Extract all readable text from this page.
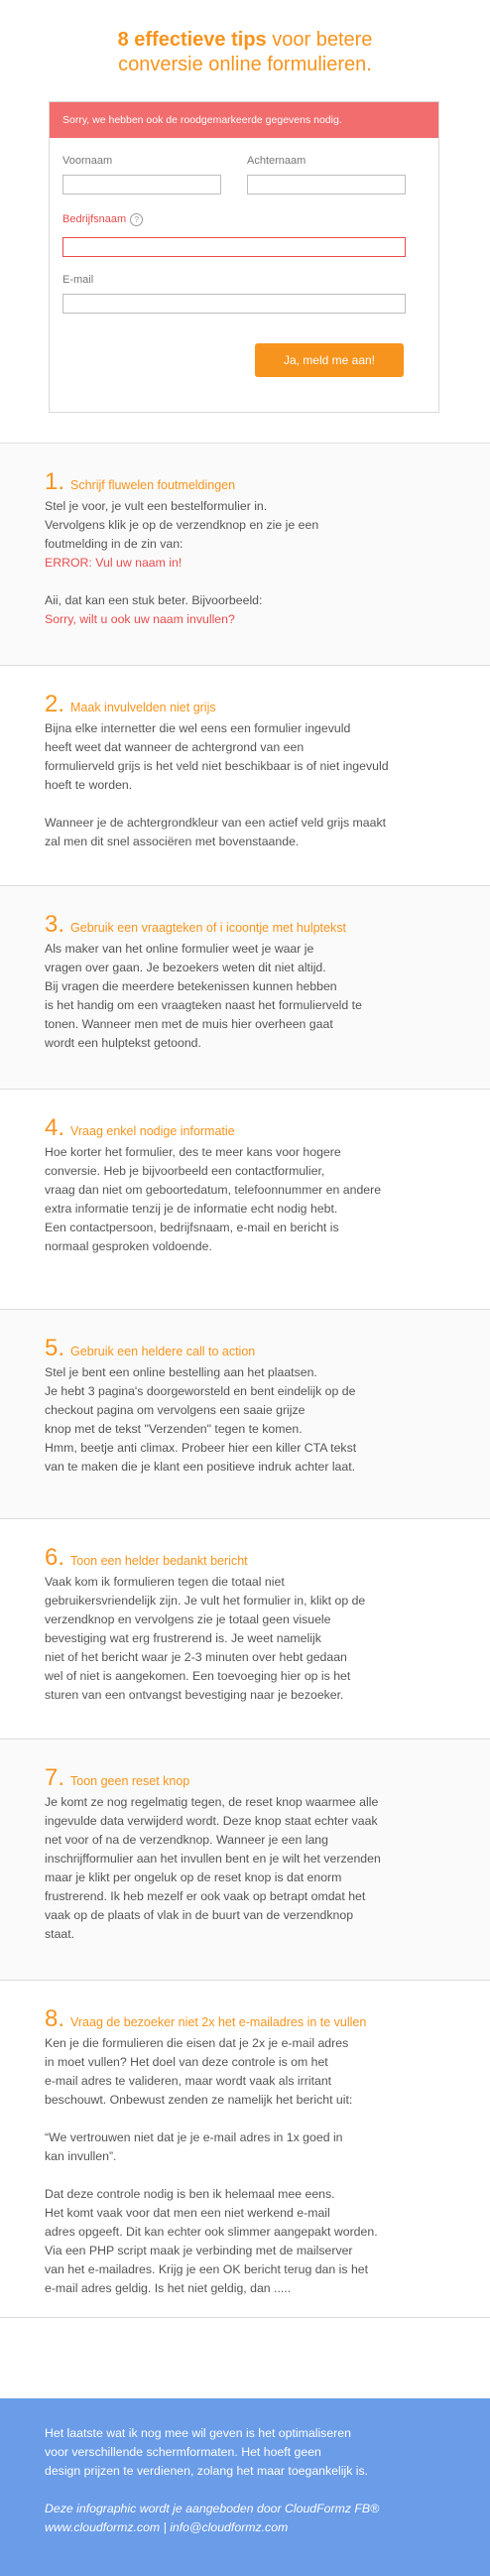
8 effectieve tips voor betere
conversie online formulieren.
Sorry, we hebben ook de roodgemarkeerde gegevens nodig.
Voornaam	Achternaam
Bedrijfsnaam ?
E-mail
Ja, meld me aan!
1. Schrijf fluwelen foutmeldingen
Stel je voor, je vult een bestelformulier in.
Vervolgens klik je op de verzendknop en zie je een
foutmelding in de zin van:
ERROR: Vul uw naam in!
Aii, dat kan een stuk beter. Bijvoorbeeld:
Sorry, wilt u ook uw naam invullen?
2. Maak invulvelden niet grijs
Bijna elke internetter die wel eens een formulier ingevuld
heeft weet dat wanneer de achtergrond van een
formulierveld grijs is het veld niet beschikbaar is of niet ingevuld
hoeft te worden.
Wanneer je de achtergrondkleur van een actief veld grijs maakt
zal men dit snel associëren met bovenstaande.
3. Gebruik een vraagteken of i icoontje met hulptekst
Als maker van het online formulier weet je waar je
vragen over gaan. Je bezoekers weten dit niet altijd.
Bij vragen die meerdere betekenissen kunnen hebben
is het handig om een vraagteken naast het formulierveld te
tonen. Wanneer men met de muis hier overheen gaat
wordt een hulptekst getoond.
4. Vraag enkel nodige informatie
Hoe korter het formulier, des te meer kans voor hogere
conversie. Heb je bijvoorbeeld een contactformulier,
vraag dan niet om geboortedatum, telefoonnummer en andere
extra informatie tenzij je de informatie echt nodig hebt.
Een contactpersoon, bedrijfsnaam, e-mail en bericht is
normaal gesproken voldoende.
5. Gebruik een heldere call to action
Stel je bent een online bestelling aan het plaatsen.
Je hebt 3 pagina's doorgeworsteld en bent eindelijk op de
checkout pagina om vervolgens een saaie grijze
knop met de tekst "Verzenden" tegen te komen.
Hmm, beetje anti climax. Probeer hier een killer CTA tekst
van te maken die je klant een positieve indruk achter laat.
6. Toon een helder bedankt bericht
Vaak kom ik formulieren tegen die totaal niet
gebruikersvriendelijk zijn. Je vult het formulier in, klikt op de
verzendknop en vervolgens zie je totaal geen visuele
bevestiging wat erg frustrerend is. Je weet namelijk
niet of het bericht waar je 2-3 minuten over hebt gedaan
wel of niet is aangekomen. Een toevoeging hier op is het
sturen van een ontvangst bevestiging naar je bezoeker.
7. Toon geen reset knop
Je komt ze nog regelmatig tegen, de reset knop waarmee alle
ingevulde data verwijderd wordt. Deze knop staat echter vaak
net voor of na de verzendknop. Wanneer je een lang
inschrijfformulier aan het invullen bent en je wilt het verzenden
maar je klikt per ongeluk op de reset knop is dat enorm
frustrerend. Ik heb mezelf er ook vaak op betrapt omdat het
vaak op de plaats of vlak in de buurt van de verzendknop
staat.
8. Vraag de bezoeker niet 2x het e-mailadres in te vullen
Ken je die formulieren die eisen dat je 2x je e-mail adres
in moet vullen? Het doel van deze controle is om het
e-mail adres te valideren, maar wordt vaak als irritant
beschouwt. Onbewust zenden ze namelijk het bericht uit:
“We vertrouwen niet dat je je e-mail adres in 1x goed in
kan invullen”.
Dat deze controle nodig is ben ik helemaal mee eens.
Het komt vaak voor dat men een niet werkend e-mail
adres opgeeft. Dit kan echter ook slimmer aangepakt worden.
Via een PHP script maak je verbinding met de mailserver
van het e-mailadres. Krijg je een OK bericht terug dan is het
e-mail adres geldig. Is het niet geldig, dan .....
Het laatste wat ik nog mee wil geven is het optimaliseren
voor verschillende schermformaten. Het hoeft geen
design prijzen te verdienen, zolang het maar toegankelijk is.
Deze infographic wordt je aangeboden door CloudFormz FB®
www.cloudformz.com | info@cloudformz.com
